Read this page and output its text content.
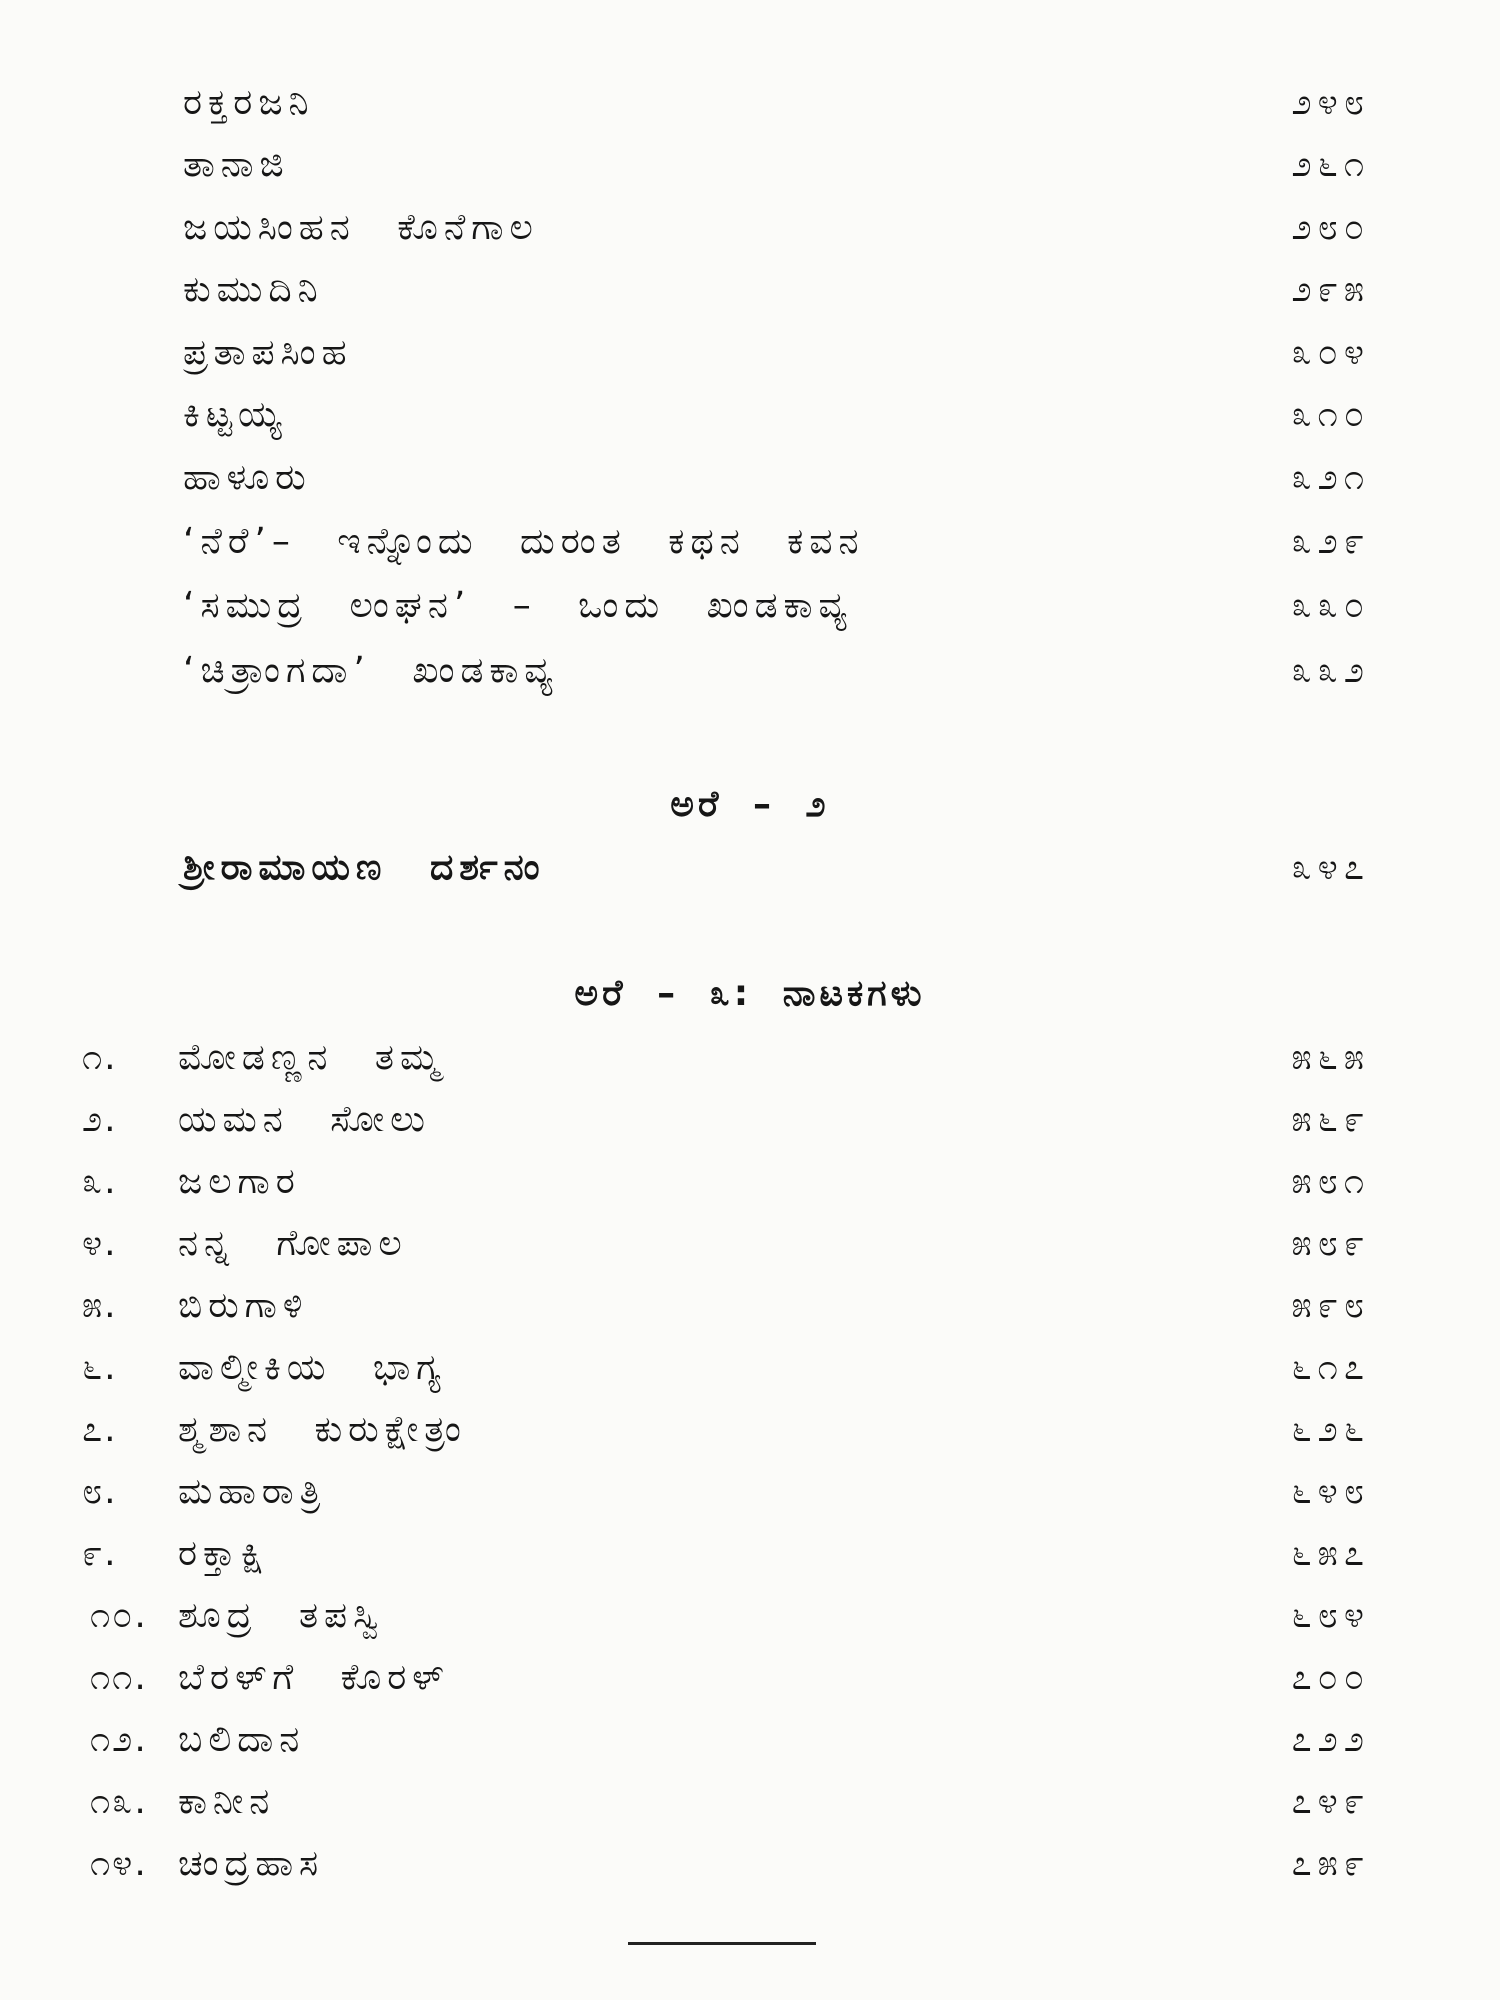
ರಕ್ತರಜನಿ	೨೪೮
ತಾನಾಜಿ	೨೬೧
ಜಯಸಿಂಹನ ಕೊನೆಗಾಲ	೨೮೦
ಕುಮುದಿನಿ	೨೯೫
ಪ್ರತಾಪಸಿಂಹ	೩೦೪
ಕಿಟ್ಟಯ್ಯ	೩೧೦
ಹಾಳೂರು	೩೨೧
‘ನೆರೆ’– ಇನ್ನೊಂದು ದುರಂತ ಕಥನ ಕವನ	೩೨೯
‘ಸಮುದ್ರ ಲಂಘನ’ – ಒಂದು ಖಂಡಕಾವ್ಯ	೩೩೦
‘ಚಿತ್ರಾಂಗದಾ’ ಖಂಡಕಾವ್ಯ	೩೩೨
ಅರೆ – ೨
ಶ್ರೀರಾಮಾಯಣ ದರ್ಶನಂ	೩೪೭
ಅರೆ – ೩: ನಾಟಕಗಳು
೧.	ಮೋಡಣ್ಣನ ತಮ್ಮ	೫೬೫
೨.	ಯಮನ ಸೋಲು	೫೬೯
೩.	ಜಲಗಾರ	೫೮೧
೪.	ನನ್ನ ಗೋಪಾಲ	೫೮೯
೫.	ಬಿರುಗಾಳಿ	೫೯೮
೬.	ವಾಲ್ಮೀಕಿಯ ಭಾಗ್ಯ	೬೧೭
೭.	ಶ್ಮಶಾನ ಕುರುಕ್ಷೇತ್ರಂ	೬೨೬
೮.	ಮಹಾರಾತ್ರಿ	೬೪೮
೯.	ರಕ್ತಾಕ್ಷಿ	೬೫೭
೧೦. ಶೂದ್ರ ತಪಸ್ವಿ	೬೮೪
೧೧. ಬೆರಳ್‌ಗೆ ಕೊರಳ್	೭೦೦
೧೨. ಬಲಿದಾನ	೭೨೨
೧೩. ಕಾನೀನ	೭೪೯
೧೪. ಚಂದ್ರಹಾಸ	೭೫೯
